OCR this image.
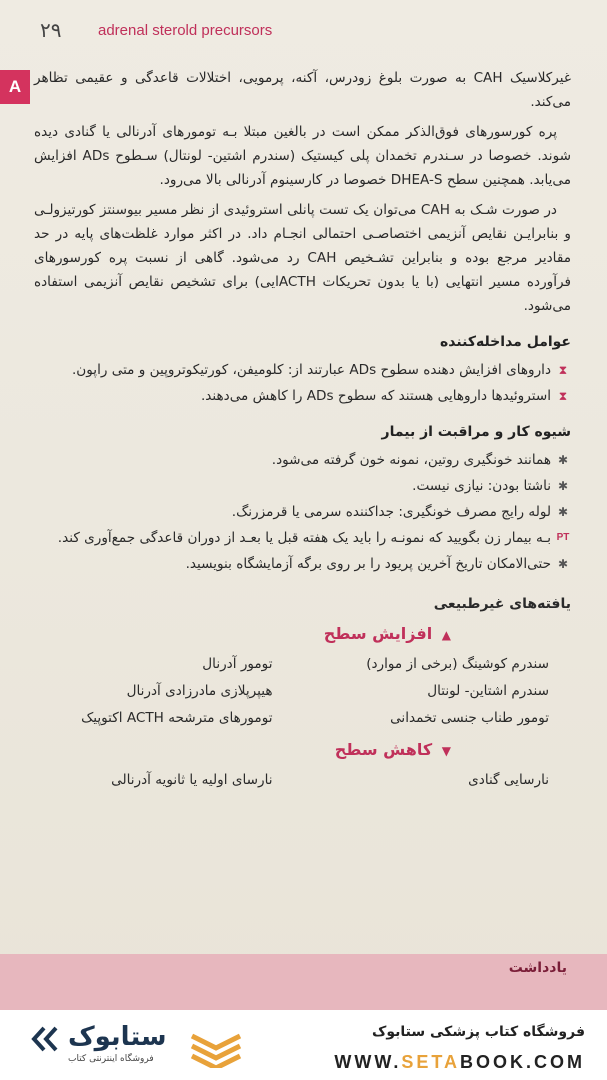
۲۹ adrenal sterold precursors
A غیرکلاسیک CAH به صورت بلوغ زودرس، آکنه، پرمویی، اختلالات قاعدگی و عقیمی تظاهر می‌کند.

پره کورسورهای فوق‌الذکر ممکن است در بالغین مبتلا بـه تومورهای آدرنالی یا گنادی دیده شوند. خصوصا در سـندرم تخمدان پلی کیستیک (سندرم اشتین- لونتال) سـطوح ADs افزایش می‌یابد. همچنین سطح DHEA-S خصوصا در کارسینوم آدرنالی بالا می‌رود.

در صورت شـک به CAH می‌توان یک تست پانلی استروئیدی از نظر مسیر بیوسنتز کورتیزولـی و بنابرایـن نقایص آنزیمی اختصاصـی احتمالی انجـام داد. در اکثر موارد غلظت‌های پایه در حد مقادیر مرجع بوده و بنابراین تشـخیص CAH رد می‌شود. گاهی از نسبت پره کورسورهای فرآورده مسیر انتهایی (با یا بدون تحریکات ACTHایی) برای تشخیص نقایص آنزیمی استفاده می‌شود.

عوامل مداخله‌کننده
⧗
داروهای افزایش دهنده سطوح ADs عبارتند از: کلومیفن، کورتیکوتروپین و متی راپون.
⧗
استروئیدها داروهایی هستند که سطوح ADs را کاهش می‌دهند.
شیوه کار و مراقبت از بیمار
✱
همانند خونگیری روتین، نمونه خون گرفته می‌شود.
✱
ناشتا بودن: نیازی نیست.
✱
لوله رایج مصرف خونگیری: جداکننده سرمی یا قرمزرنگ.
PT
بـه بیمار زن بگویید که نمونـه را باید یک هفته قبل یا بعـد از دوران قاعدگی جمع‌آوری کند.
✱
حتی‌الامکان تاریخ آخرین پریود را بر روی برگه آزمایشگاه بنویسید.
یافته‌های غیرطبیعی
▲ افزایش سطح
سندرم کوشینگ (برخی از موارد)
سندرم اشتاین- لونتال
تومور طناب جنسی تخمدانی
تومور آدرنال
هیپرپلازی مادرزادی آدرنال
تومورهای مترشحه ACTH اکتوپیک
▼ کاهش سطح
نارسایی گنادی
نارسای اولیه یا ثانویه آدرنالی
یادداشت
ستابوک
فروشگاه اینترنتی کتاب
فروشگاه کتاب پزشکی ستابوک
WWW.SETABOOK.COM
